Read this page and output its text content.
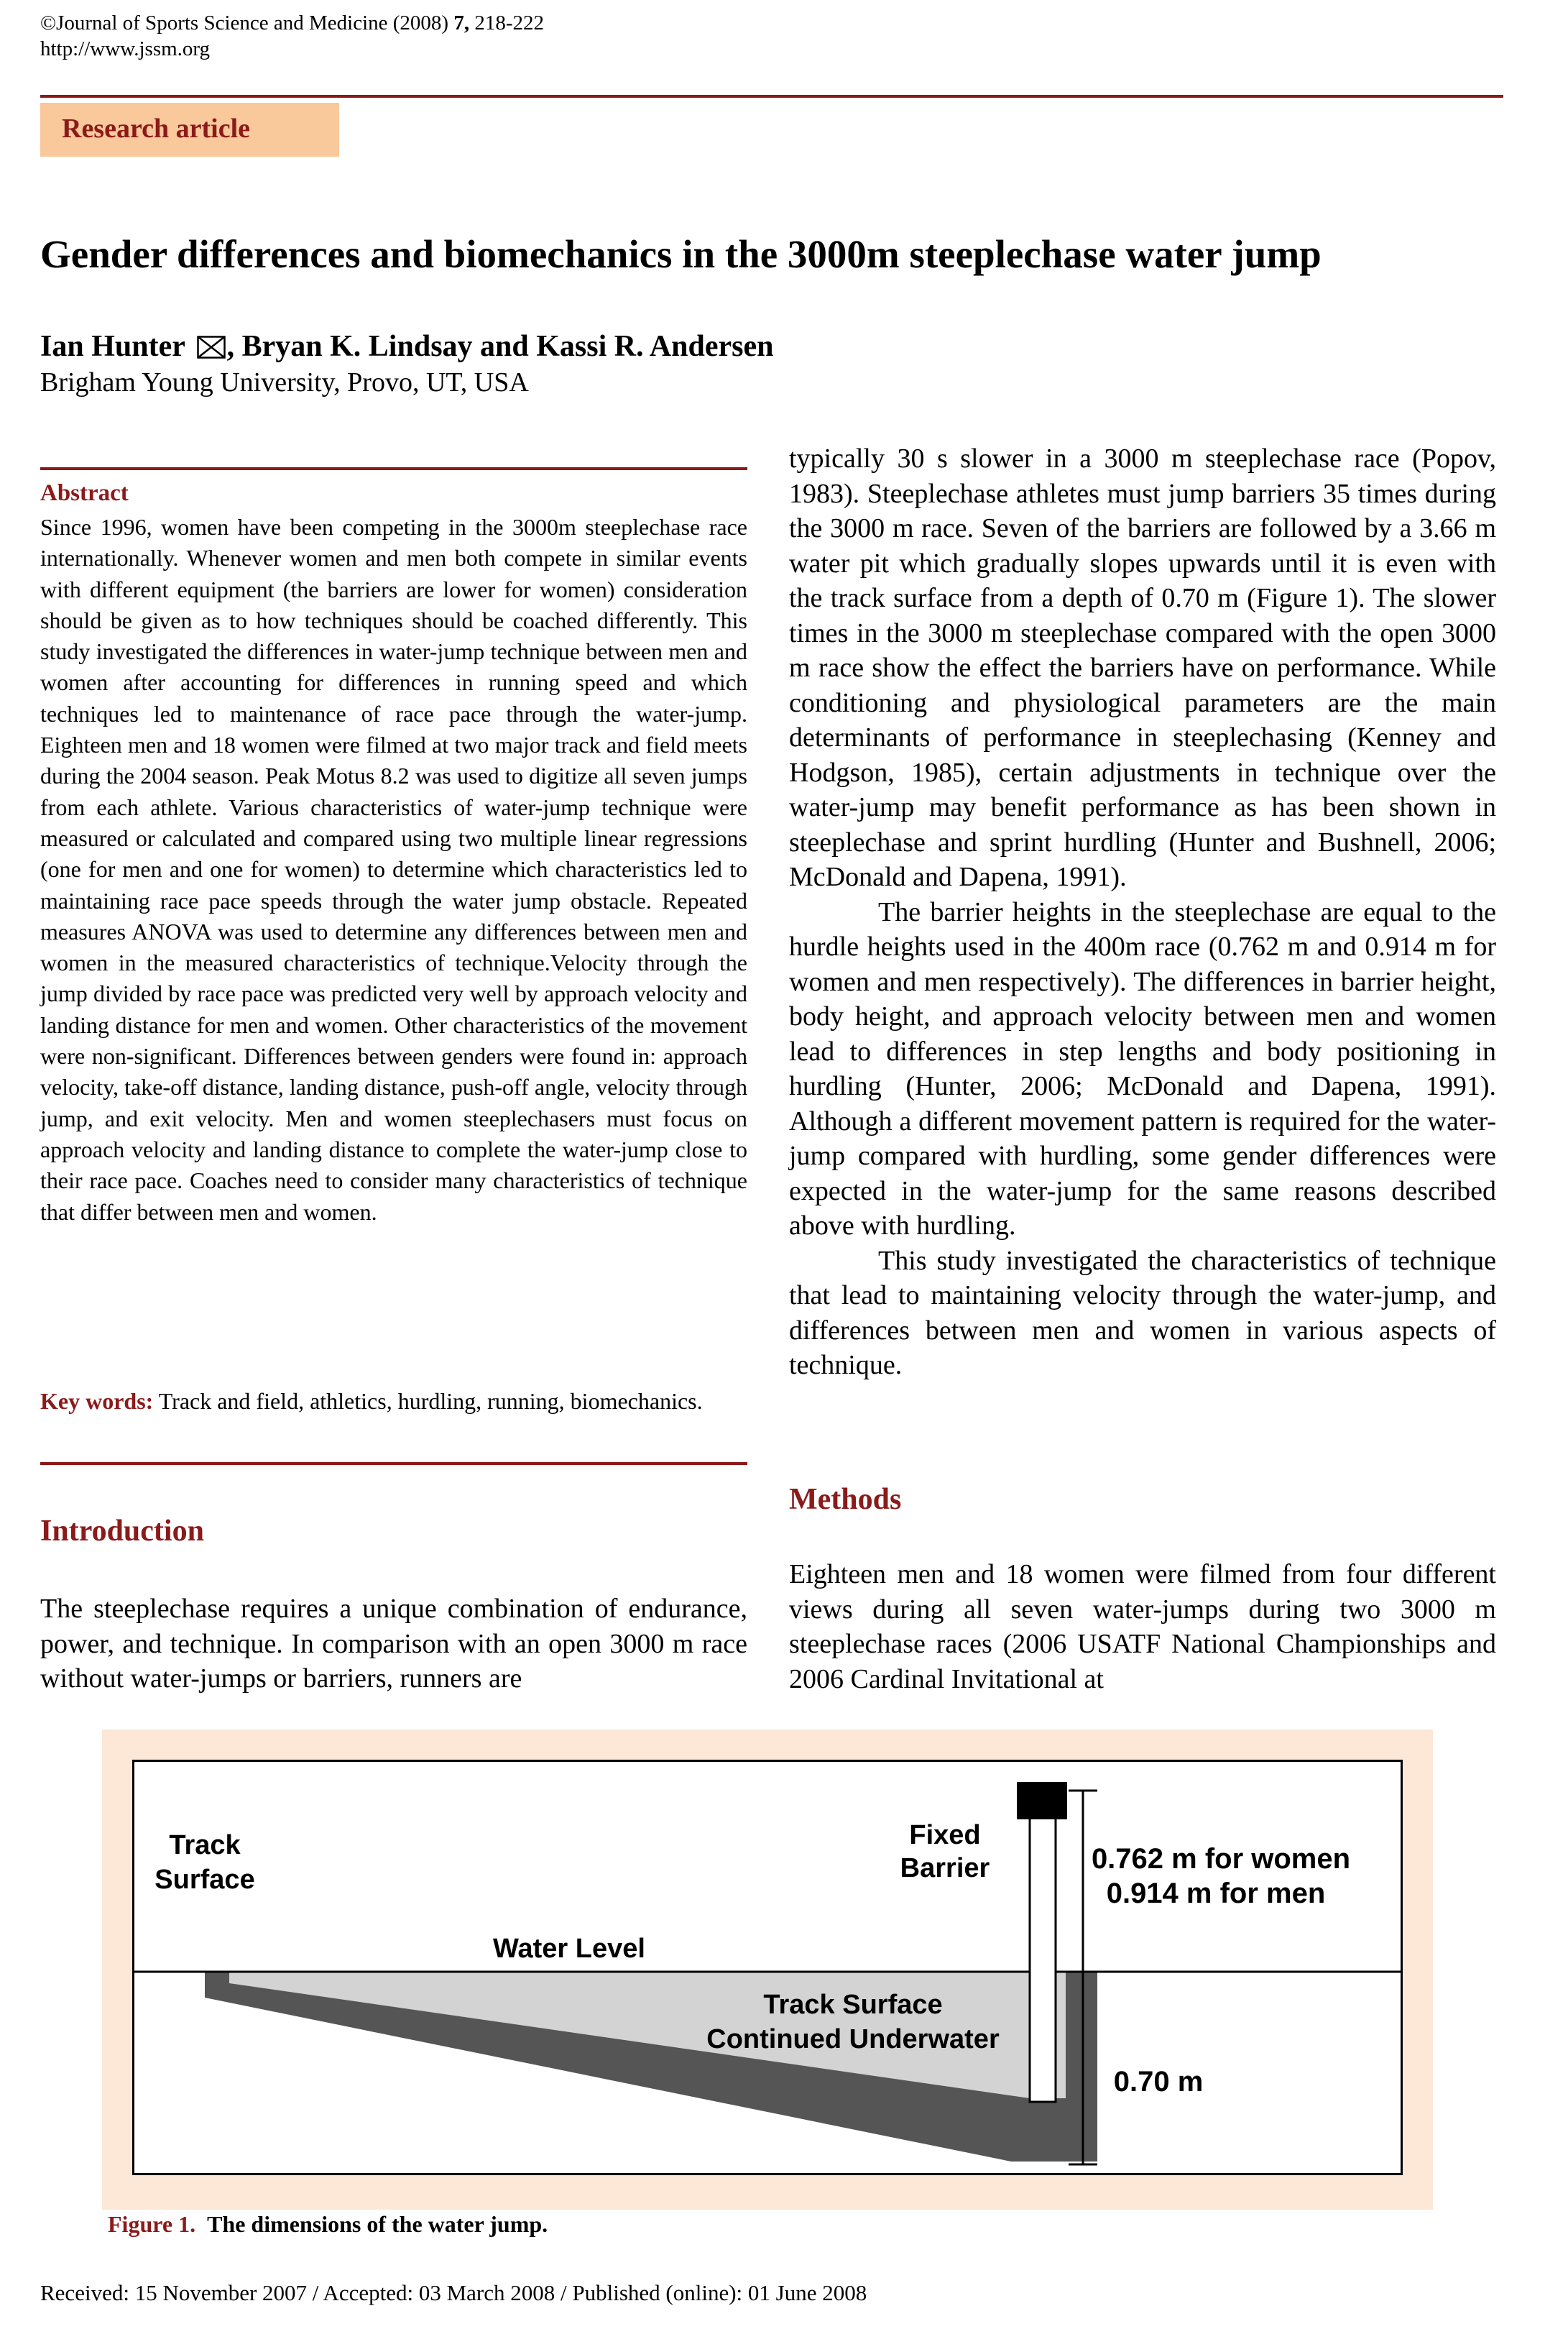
©Journal of Sports Science and Medicine (2008) 7, 218-222
http://www.jssm.org
Research article
Gender differences and biomechanics in the 3000m steeplechase water jump
Ian Hunter , Bryan K. Lindsay and Kassi R. Andersen
Brigham Young University, Provo, UT, USA
Abstract

Since 1996, women have been competing in the 3000m steeplechase race internationally. Whenever women and men both compete in similar events with different equipment (the barriers are lower for women) consideration should be given as to how techniques should be coached differently. This study investigated the differences in water-jump technique between men and women after accounting for differences in running speed and which techniques led to maintenance of race pace through the water-jump. Eighteen men and 18 women were filmed at two major track and field meets during the 2004 season. Peak Motus 8.2 was used to digitize all seven jumps from each athlete. Various characteristics of water-jump technique were measured or calculated and compared using two multiple linear regressions (one for men and one for women) to determine which characteristics led to maintaining race pace speeds through the water jump obstacle. Repeated measures ANOVA was used to determine any differences between men and women in the measured characteristics of technique.Velocity through the jump divided by race pace was predicted very well by approach velocity and landing distance for men and women. Other characteristics of the movement were non-significant. Differences between genders were found in: approach velocity, take-off distance, landing distance, push-off angle, velocity through jump, and exit velocity. Men and women steeplechasers must focus on approach velocity and landing distance to complete the water-jump close to their race pace. Coaches need to consider many characteristics of technique that differ between men and women.

Key words: Track and field, athletics, hurdling, running, biomechanics.

Introduction

The steeplechase requires a unique combination of endurance, power, and technique. In comparison with an open 3000 m race without water-jumps or barriers, runners are

typically 30 s slower in a 3000 m steeplechase race (Popov, 1983). Steeplechase athletes must jump barriers 35 times during the 3000 m race. Seven of the barriers are followed by a 3.66 m water pit which gradually slopes upwards until it is even with the track surface from a depth of 0.70 m (Figure 1). The slower times in the 3000 m steeplechase compared with the open 3000 m race show the effect the barriers have on performance. While conditioning and physiological parameters are the main determinants of performance in steeplechasing (Kenney and Hodgson, 1985), certain adjustments in technique over the water-jump may benefit performance as has been shown in steeplechase and sprint hurdling (Hunter and Bushnell, 2006; McDonald and Dapena, 1991).

The barrier heights in the steeplechase are equal to the hurdle heights used in the 400m race (0.762 m and 0.914 m for women and men respectively). The differences in barrier height, body height, and approach velocity between men and women lead to differences in step lengths and body positioning in hurdling (Hunter, 2006; McDonald and Dapena, 1991). Although a different movement pattern is required for the water-jump compared with hurdling, some gender differences were expected in the water-jump for the same reasons described above with hurdling.

This study investigated the characteristics of technique that lead to maintaining velocity through the water-jump, and differences between men and women in various aspects of technique.

Methods

Eighteen men and 18 women were filmed from four different views during all seven water-jumps during two 3000 m steeplechase races (2006 USATF National Championships and 2006 Cardinal Invitational at

Track
Surface
Water Level
Fixed
Barrier	0.762 m for women
0.914 m for men
Track Surface
Continued Underwater
0.70 m
Figure 1. The dimensions of the water jump.
Received: 15 November 2007 / Accepted: 03 March 2008 / Published (online): 01 June 2008
